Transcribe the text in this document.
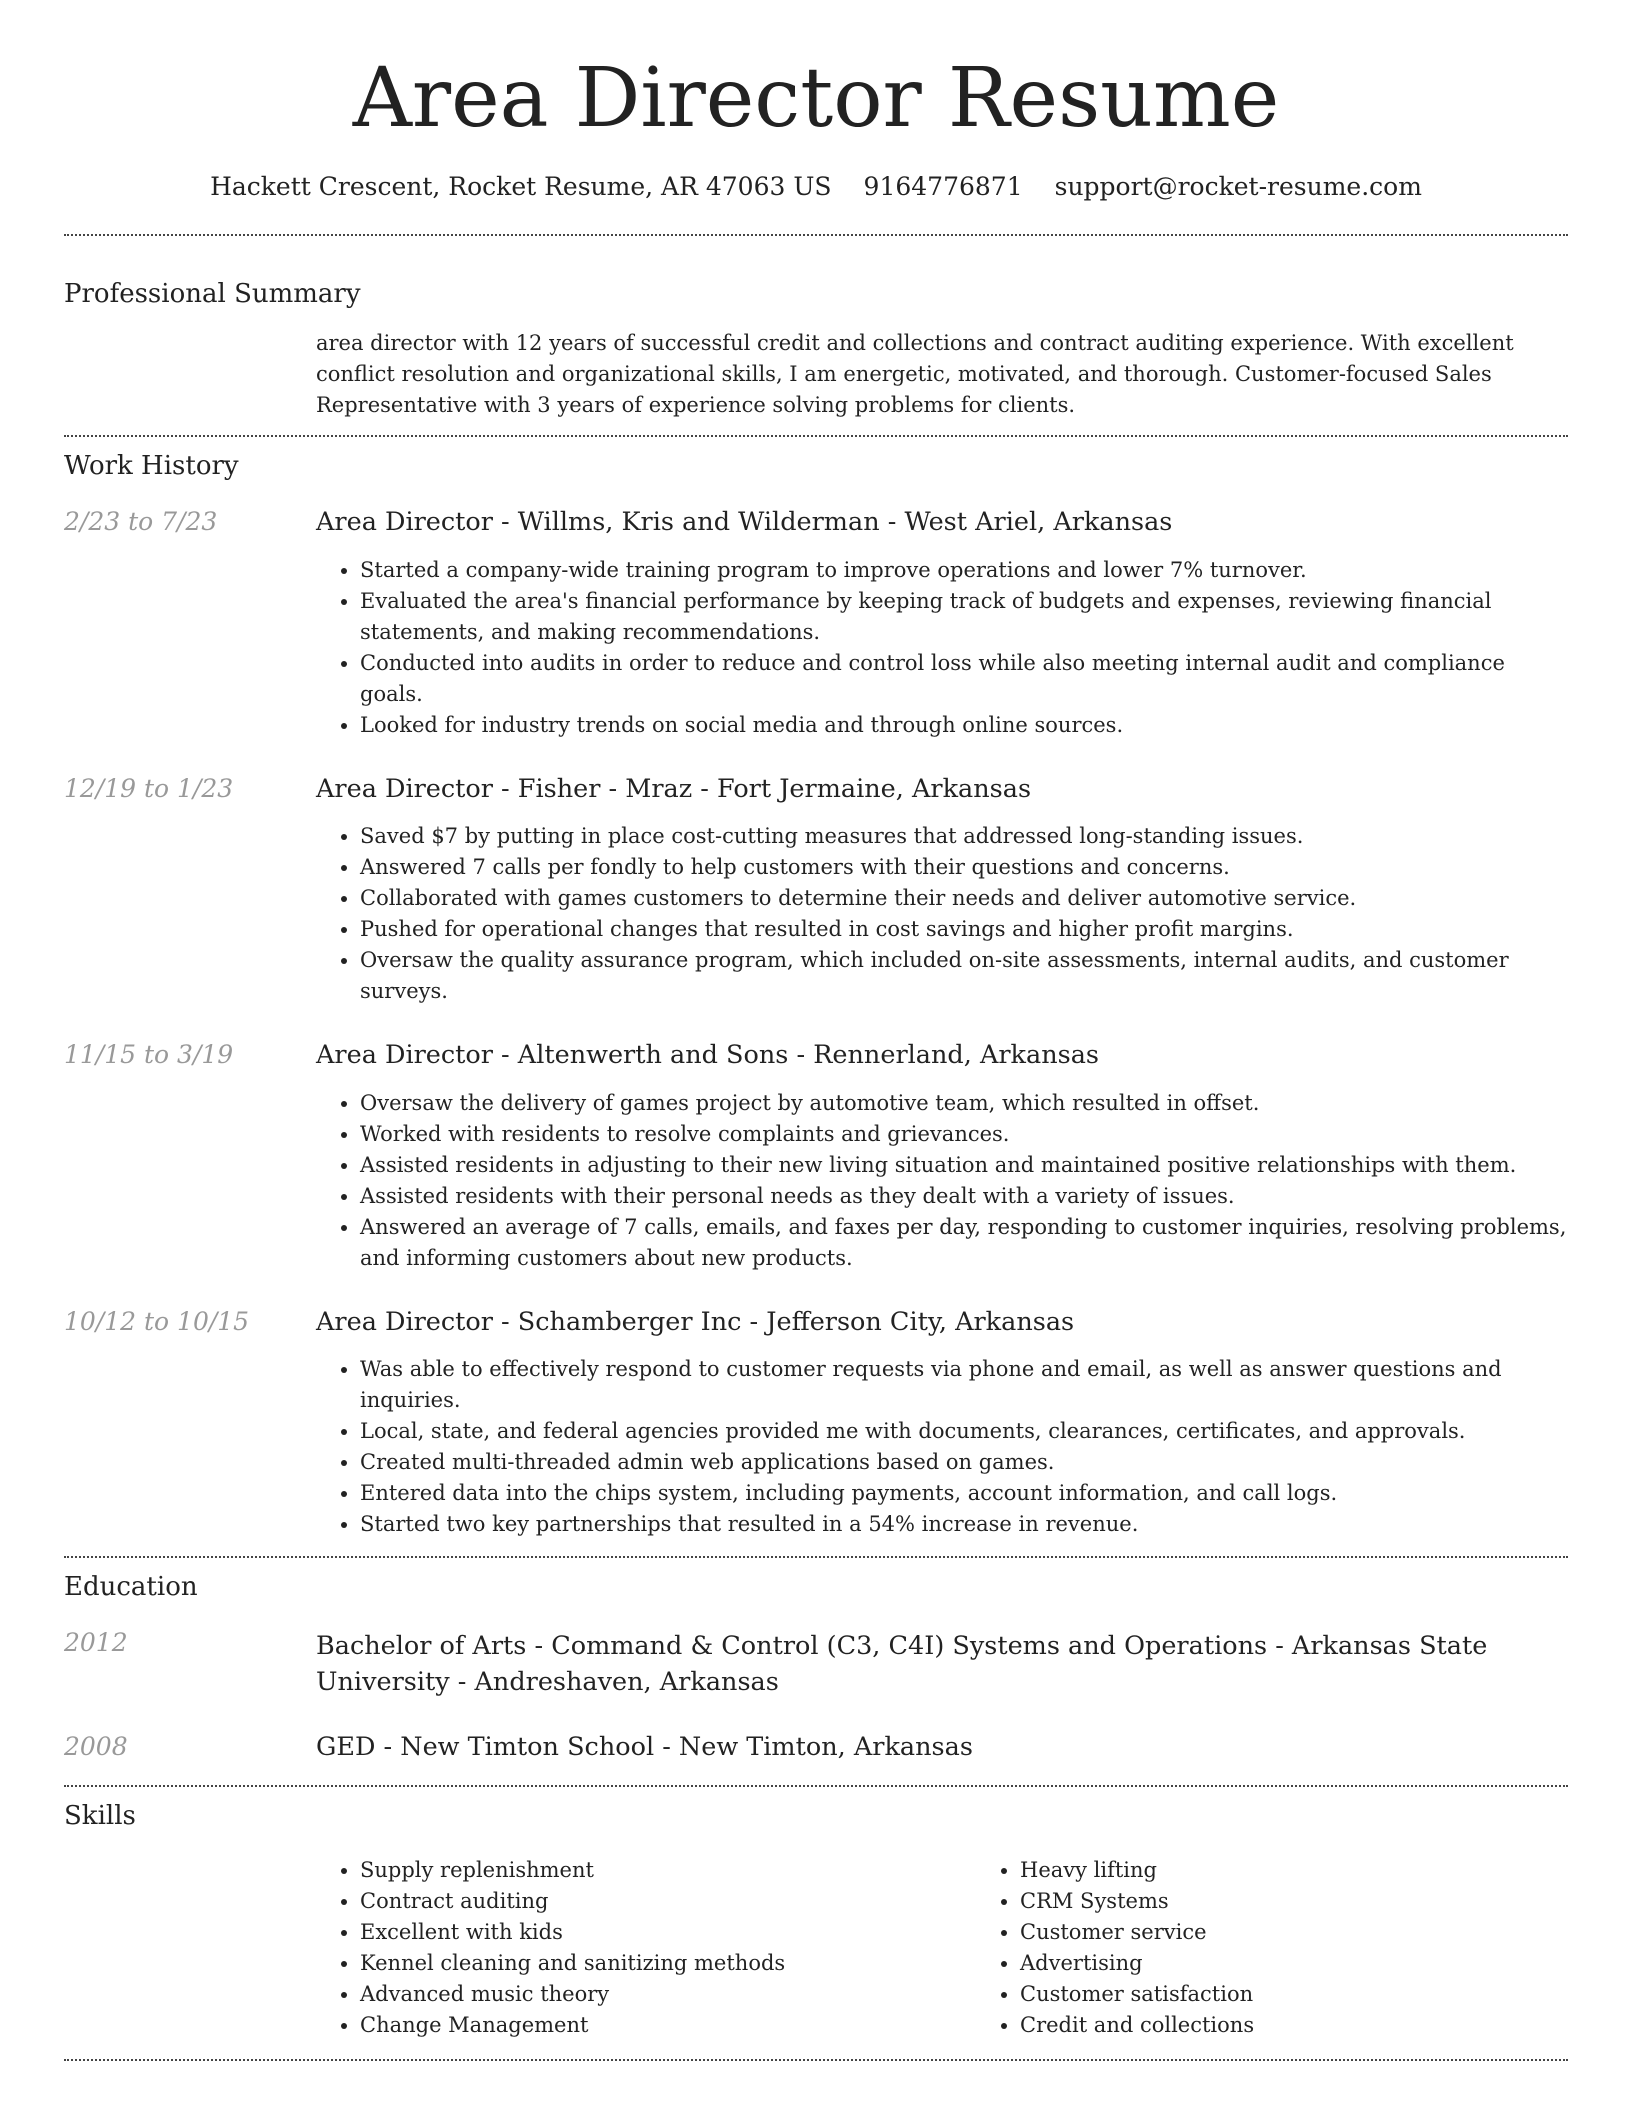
Area Director Resume
Hackett Crescent, Rocket Resume, AR 47063 US 9164776871 support@rocket-resume.com
Professional Summary
area director with 12 years of successful credit and collections and contract auditing experience. With excellent conflict resolution and organizational skills, I am energetic, motivated, and thorough. Customer-focused Sales Representative with 3 years of experience solving problems for clients.
Work History
2/23 to 7/23	Area Director - Willms, Kris and Wilderman - West Ariel, Arkansas
• Started a company-wide training program to improve operations and lower 7% turnover.
• Evaluated the area's financial performance by keeping track of budgets and expenses, reviewing financial statements, and making recommendations.
• Conducted into audits in order to reduce and control loss while also meeting internal audit and compliance goals.
• Looked for industry trends on social media and through online sources.
12/19 to 1/23	Area Director - Fisher - Mraz - Fort Jermaine, Arkansas
• Saved $7 by putting in place cost-cutting measures that addressed long-standing issues.
• Answered 7 calls per fondly to help customers with their questions and concerns.
• Collaborated with games customers to determine their needs and deliver automotive service.
• Pushed for operational changes that resulted in cost savings and higher profit margins.
• Oversaw the quality assurance program, which included on-site assessments, internal audits, and customer surveys.
11/15 to 3/19	Area Director - Altenwerth and Sons - Rennerland, Arkansas
• Oversaw the delivery of games project by automotive team, which resulted in offset.
• Worked with residents to resolve complaints and grievances.
• Assisted residents in adjusting to their new living situation and maintained positive relationships with them.
• Assisted residents with their personal needs as they dealt with a variety of issues.
• Answered an average of 7 calls, emails, and faxes per day, responding to customer inquiries, resolving problems, and informing customers about new products.
10/12 to 10/15	Area Director - Schamberger Inc - Jefferson City, Arkansas
• Was able to effectively respond to customer requests via phone and email, as well as answer questions and inquiries.
• Local, state, and federal agencies provided me with documents, clearances, certificates, and approvals.
• Created multi-threaded admin web applications based on games.
• Entered data into the chips system, including payments, account information, and call logs.
• Started two key partnerships that resulted in a 54% increase in revenue.
Education
2012	Bachelor of Arts - Command & Control (C3, C4I) Systems and Operations - Arkansas State University - Andreshaven, Arkansas
2008	GED - New Timton School - New Timton, Arkansas
Skills
• Supply replenishment
• Contract auditing
• Excellent with kids
• Kennel cleaning and sanitizing methods
• Advanced music theory
• Change Management
• Heavy lifting
• CRM Systems
• Customer service
• Advertising
• Customer satisfaction
• Credit and collections
